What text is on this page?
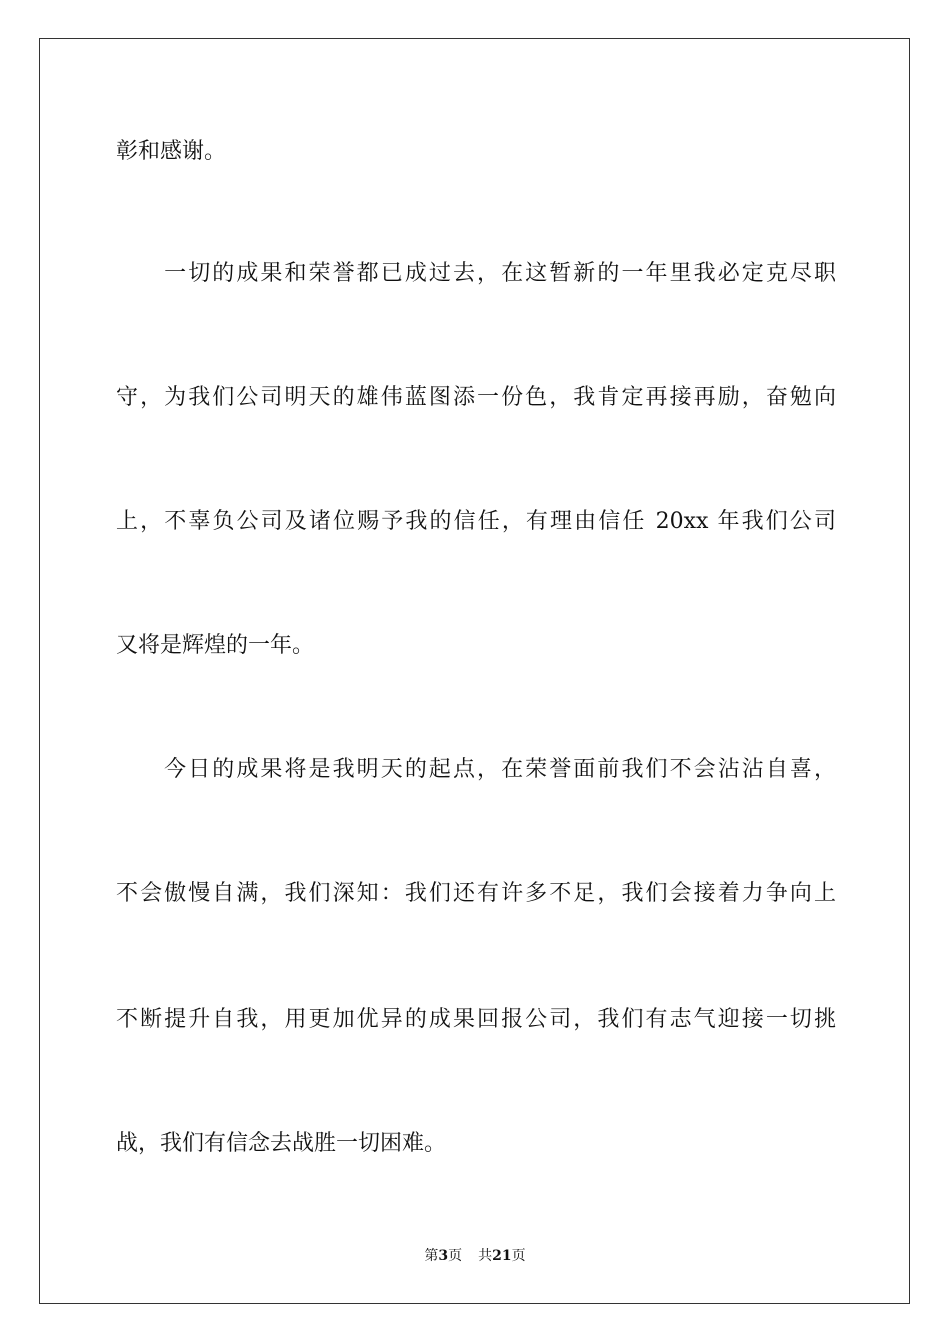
彰和感谢。
　　一切的成果和荣誉都已成过去，在这暂新的一年里我必定克尽职
守，为我们公司明天的雄伟蓝图添一份色，我肯定再接再励，奋勉向
上，不辜负公司及诸位赐予我的信任，有理由信任 20xx 年我们公司
又将是辉煌的一年。
　　今日的成果将是我明天的起点，在荣誉面前我们不会沾沾自喜，
不会傲慢自满，我们深知：我们还有许多不足，我们会接着力争向上
不断提升自我，用更加优异的成果回报公司，我们有志气迎接一切挑
战，我们有信念去战胜一切困难。
第3页 共21页
